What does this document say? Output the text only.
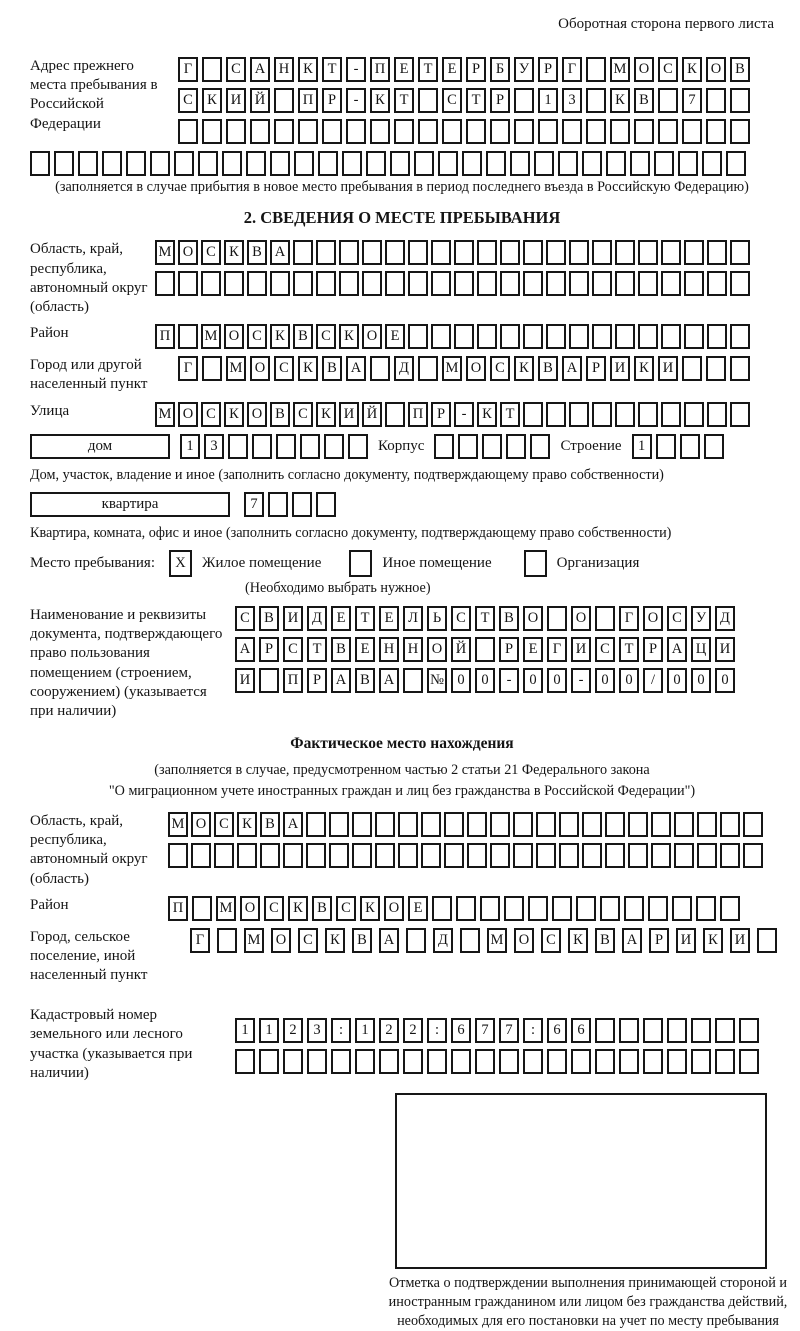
Оборотная сторона первого листа
Адрес прежнего места пребывания в Российской Федерации
Г	С А Н К	Т	-	П Е	Т	Е	Р	Б	У	Р	Г	М О С К О В
С К И Й	П	Р	-	К	Т	С	Т	Р	1	3	К В	7
(заполняется в случае прибытия в новое место пребывания в период последнего въезда в Российскую Федерацию)
2. СВЕДЕНИЯ О МЕСТЕ ПРЕБЫВАНИЯ
Область, край, республика, автономный округ (область)
М О С К В А
Район	П	М О С К В С К О Е
Город или другой населенный пункт
Г	М О С К В А	Д	М О С К В А	Р	И К И
Улица	М О С К О В С К И Й	П Р	-	К Т
дом	1	3	Корпус	Строение	1
Дом, участок, владение и иное (заполнить согласно документу, подтверждающему право собственности)
квартира	7
Квартира, комната, офис и иное (заполнить согласно документу, подтверждающему право собственности)
Место пребывания:	X	Жилое помещение	Иное помещение	Организация
(Необходимо выбрать нужное)
Наименование и реквизиты документа, подтверждающего право пользования помещением (строением, сооружением) (указывается при наличии)
С В И Д	Е	Т	Е	Л	Ь	С	Т	В О	О	Г	О С У Д
А	Р	С	Т	В	Е Н Н О Й	Р	Е	Г	И С	Т	Р	А Ц И
И	П	Р	А В А	№ 0	0	-	0	0	-	0	0	/	0	0	0
Фактическое место нахождения
(заполняется в случае, предусмотренном частью 2 статьи 21 Федерального закона
"О миграционном учете иностранных граждан и лиц без гражданства в Российской Федерации")
Область, край, республика, автономный округ (область)
М О С К В А
Район	П	М О С К В С К О Е
Город, сельское поселение, иной населенный пункт
Г	М	О	С	К	В	А	Д	М	О	С	К	В	А	Р	И	К	И
Кадастровый номер земельного или лесного участка (указывается при наличии)
1	1	2	3	:	1	2	2	:	6	7	7	:	6	6
Отметка о подтверждении выполнения принимающей стороной и иностранным гражданином или лицом без гражданства действий, необходимых для его постановки на учет по месту пребывания
